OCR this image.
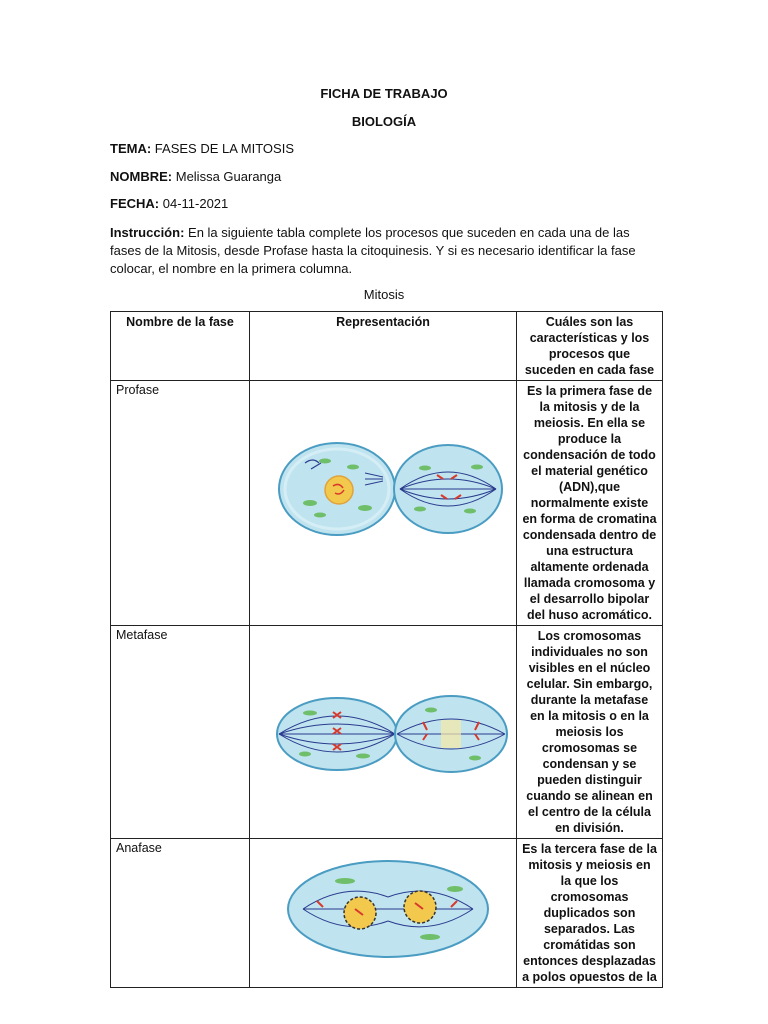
FICHA DE TRABAJO
BIOLOGÍA
TEMA: FASES DE LA MITOSIS
NOMBRE: Melissa Guaranga
FECHA: 04-11-2021
Instrucción: En la siguiente tabla complete los procesos que suceden en cada una de las fases de la Mitosis, desde Profase hasta la citoquinesis. Y si es necesario identificar la fase colocar, el nombre en la primera columna.
Mitosis
Nombre de la fase	Representación	Cuáles son las características y los procesos que suceden en cada fase
Profase		Es la primera fase de la mitosis y de la meiosis. En ella se produce la condensación de todo el material genético (ADN),que normalmente existe en forma de cromatina condensada dentro de una estructura altamente ordenada llamada cromosoma y el desarrollo bipolar del huso acromático.
Metafase		Los cromosomas individuales no son visibles en el núcleo celular. Sin embargo, durante la metafase en la mitosis o en la meiosis los cromosomas se condensan y se pueden distinguir cuando se alinean en el centro de la célula en división.
Anafase		Es la tercera fase de la mitosis y meiosis en la que los cromosomas duplicados son separados. Las cromátidas son entonces desplazadas a polos opuestos de la
